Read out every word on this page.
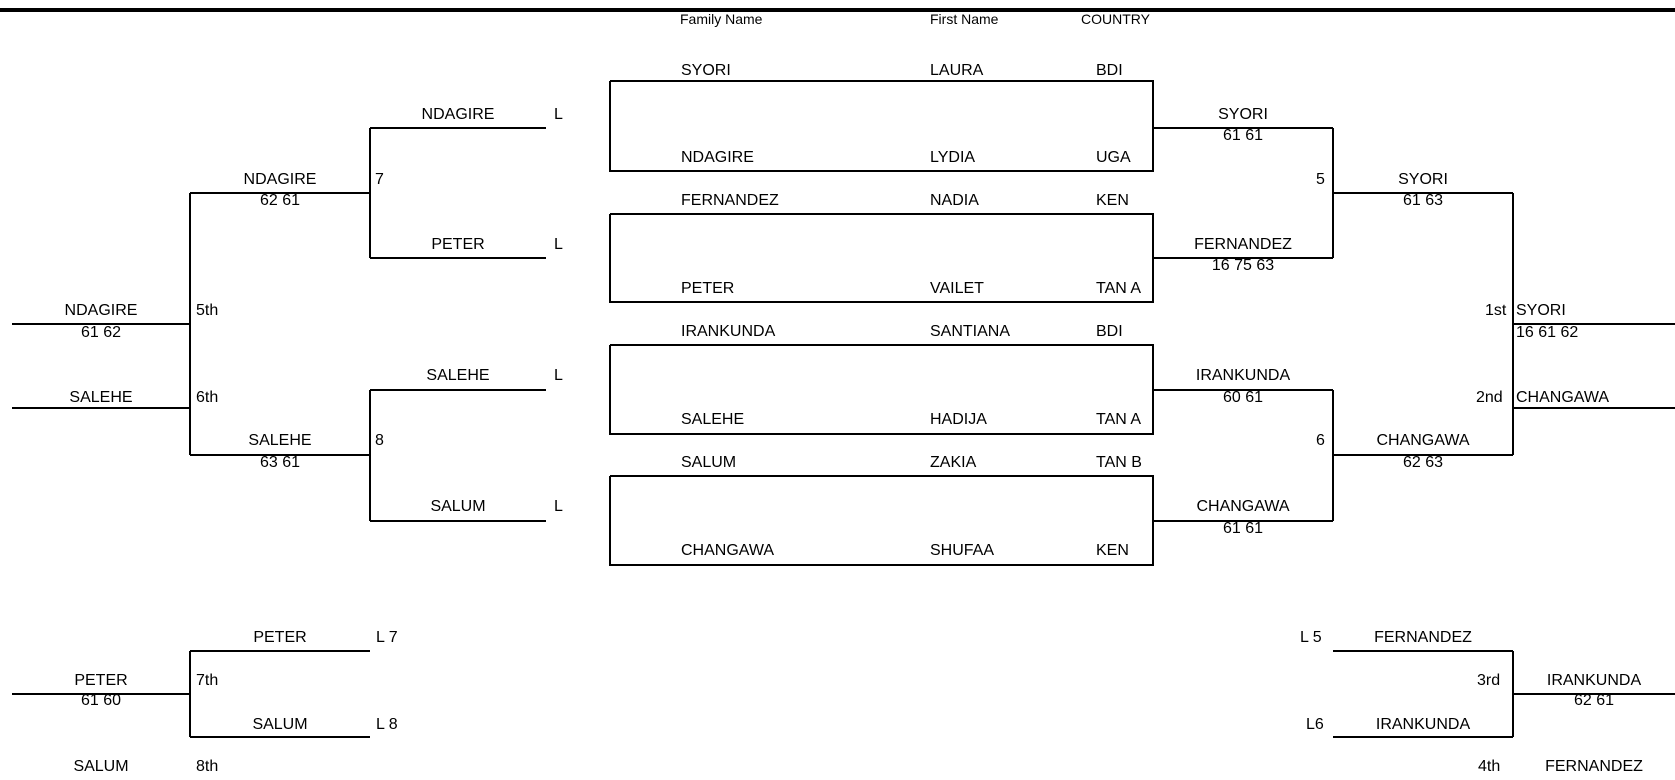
Family Name	First Name	COUNTRY
SYORI	LAURA	BDI
NDAGIRE	LYDIA	UGA
FERNANDEZ	NADIA	KEN
PETER	VAILET	TAN A
IRANKUNDA	SANTIANA	BDI
SALEHE	HADIJA	TAN A
SALUM	ZAKIA	TAN B
CHANGAWA	SHUFAA	KEN
SYORI
61 61
FERNANDEZ
16 75 63
IRANKUNDA
60 61
CHANGAWA
61 61
5
6
SYORI
61 63
CHANGAWA
62 63
1st SYORI
16 61 62
2nd CHANGAWA
NDAGIRE	L
PETER	L
SALEHE	L
SALUM	L
7
8
NDAGIRE
62 61
SALEHE
63 61
NDAGIRE
61 62
5th
SALEHE	6th
PETER	L 7
SALUM	L 8
PETER
61 60
7th
SALUM	8th
L 5	FERNANDEZ
L6	IRANKUNDA
3rd	IRANKUNDA
62 61
4th	FERNANDEZ
